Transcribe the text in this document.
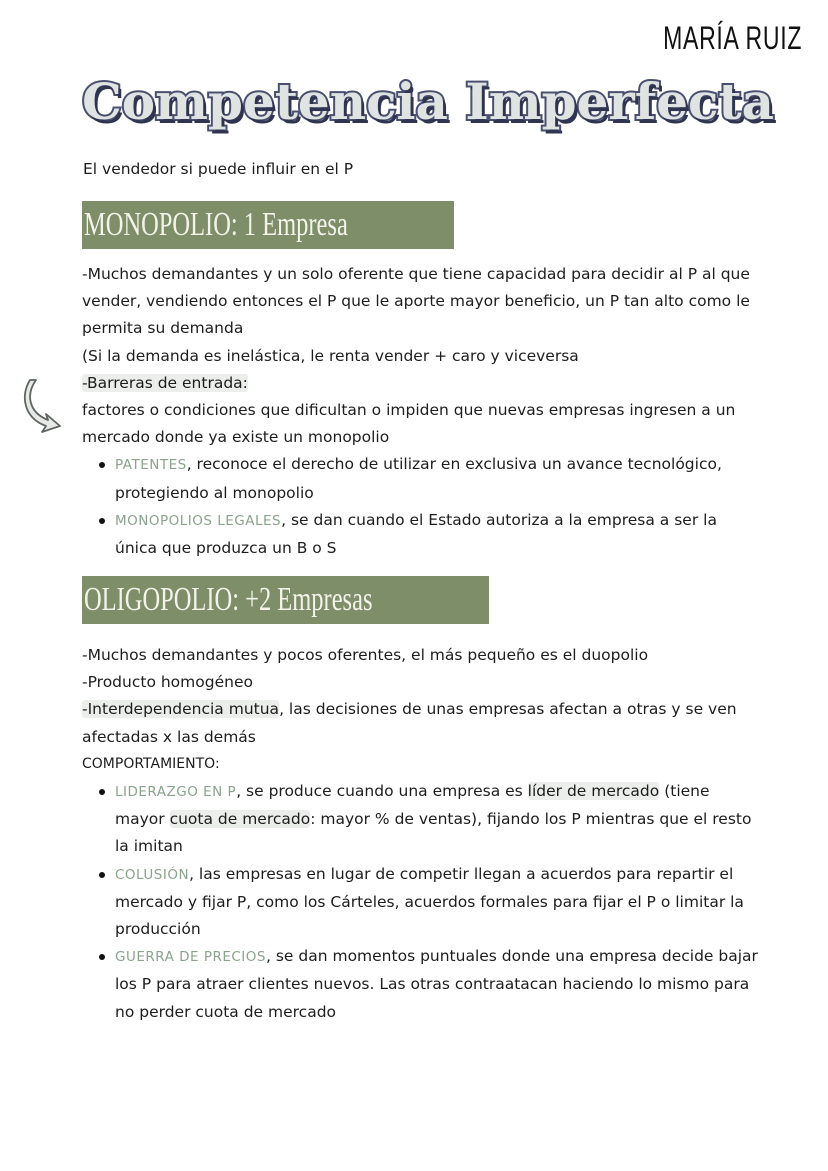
MARÍA RUIZ
Competencia Imperfecta
El vendedor si puede influir en el P
MONOPOLIO: 1 Empresa

-Muchos demandantes y un solo oferente que tiene capacidad para decidir al P al que vender, vendiendo entonces el P que le aporte mayor beneficio, un P tan alto como le permita su demanda

(Si la demanda es inelástica, le renta vender + caro y viceversa

-Barreras de entrada:

factores o condiciones que dificultan o impiden que nuevas empresas ingresen a un mercado donde ya existe un monopolio

PATENTES, reconoce el derecho de utilizar en exclusiva un avance tecnológico, protegiendo al monopolio
MONOPOLIOS LEGALES, se dan cuando el Estado autoriza a la empresa a ser la única que produzca un B o S
OLIGOPOLIO: +2 Empresas

-Muchos demandantes y pocos oferentes, el más pequeño es el duopolio

-Producto homogéneo

-Interdependencia mutua, las decisiones de unas empresas afectan a otras y se ven afectadas x las demás

COMPORTAMIENTO:

LIDERAZGO EN P, se produce cuando una empresa es líder de mercado (tiene mayor cuota de mercado: mayor % de ventas), fijando los P mientras que el resto la imitan
COLUSIÓN, las empresas en lugar de competir llegan a acuerdos para repartir el mercado y fijar P, como los Cárteles, acuerdos formales para fijar el P o limitar la producción
GUERRA DE PRECIOS, se dan momentos puntuales donde una empresa decide bajar los P para atraer clientes nuevos. Las otras contraatacan haciendo lo mismo para no perder cuota de mercado
